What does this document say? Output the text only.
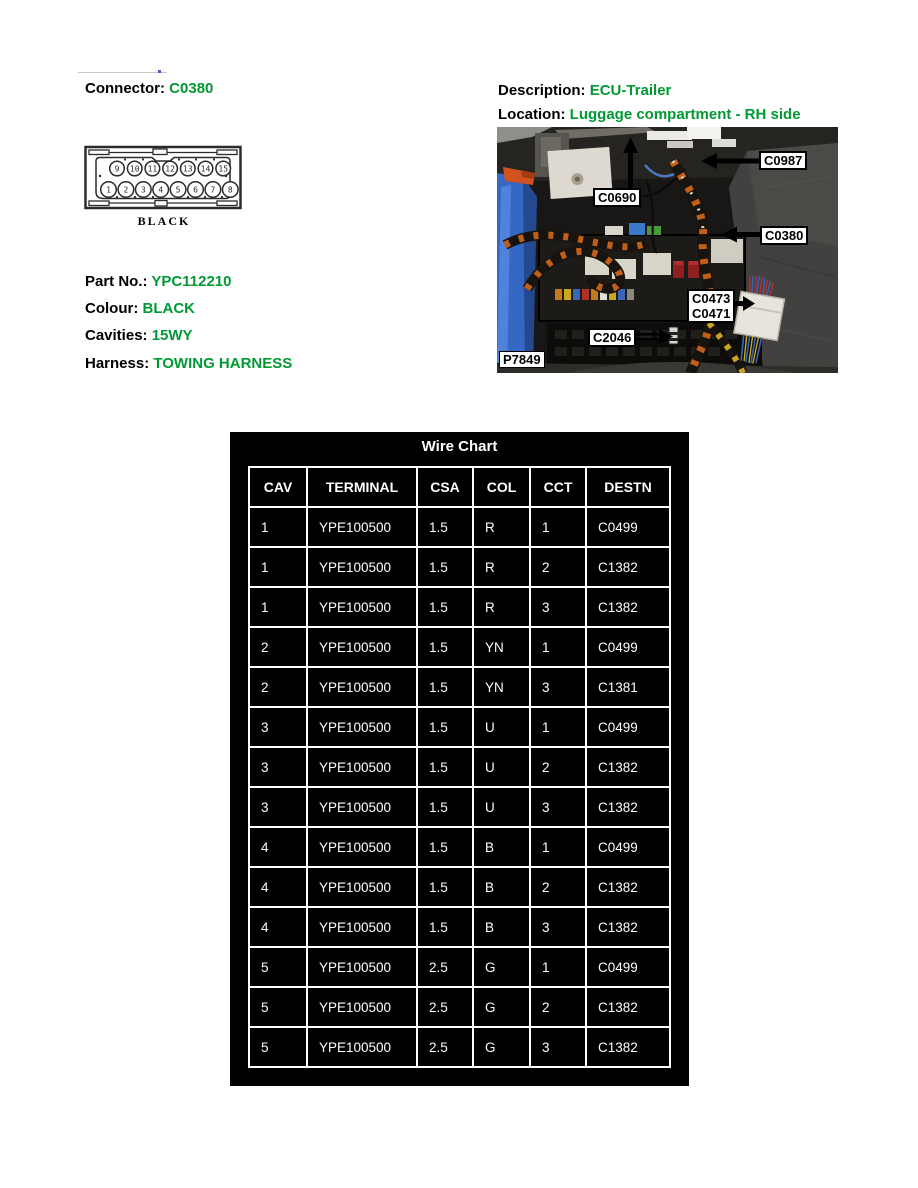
Connector: C0380	Description: ECU-Trailer
Location: Luggage compartment - RH side
9 10 11 12 13 14 15
1 2 3 4 5 6 7 8
BLACK
Part No.: YPC112210
Colour: BLACK
Cavities: 15WY
Harness: TOWING HARNESS
C0987
C0690
C0380
C0473
C0471
C2046
P7849
Wire Chart
CAV	TERMINAL	CSA	COL	CCT	DESTN
1	YPE100500	1.5	R	1	C0499
1	YPE100500	1.5	R	2	C1382
1	YPE100500	1.5	R	3	C1382
2	YPE100500	1.5	YN	1	C0499
2	YPE100500	1.5	YN	3	C1381
3	YPE100500	1.5	U	1	C0499
3	YPE100500	1.5	U	2	C1382
3	YPE100500	1.5	U	3	C1382
4	YPE100500	1.5	B	1	C0499
4	YPE100500	1.5	B	2	C1382
4	YPE100500	1.5	B	3	C1382
5	YPE100500	2.5	G	1	C0499
5	YPE100500	2.5	G	2	C1382
5	YPE100500	2.5	G	3	C1382
